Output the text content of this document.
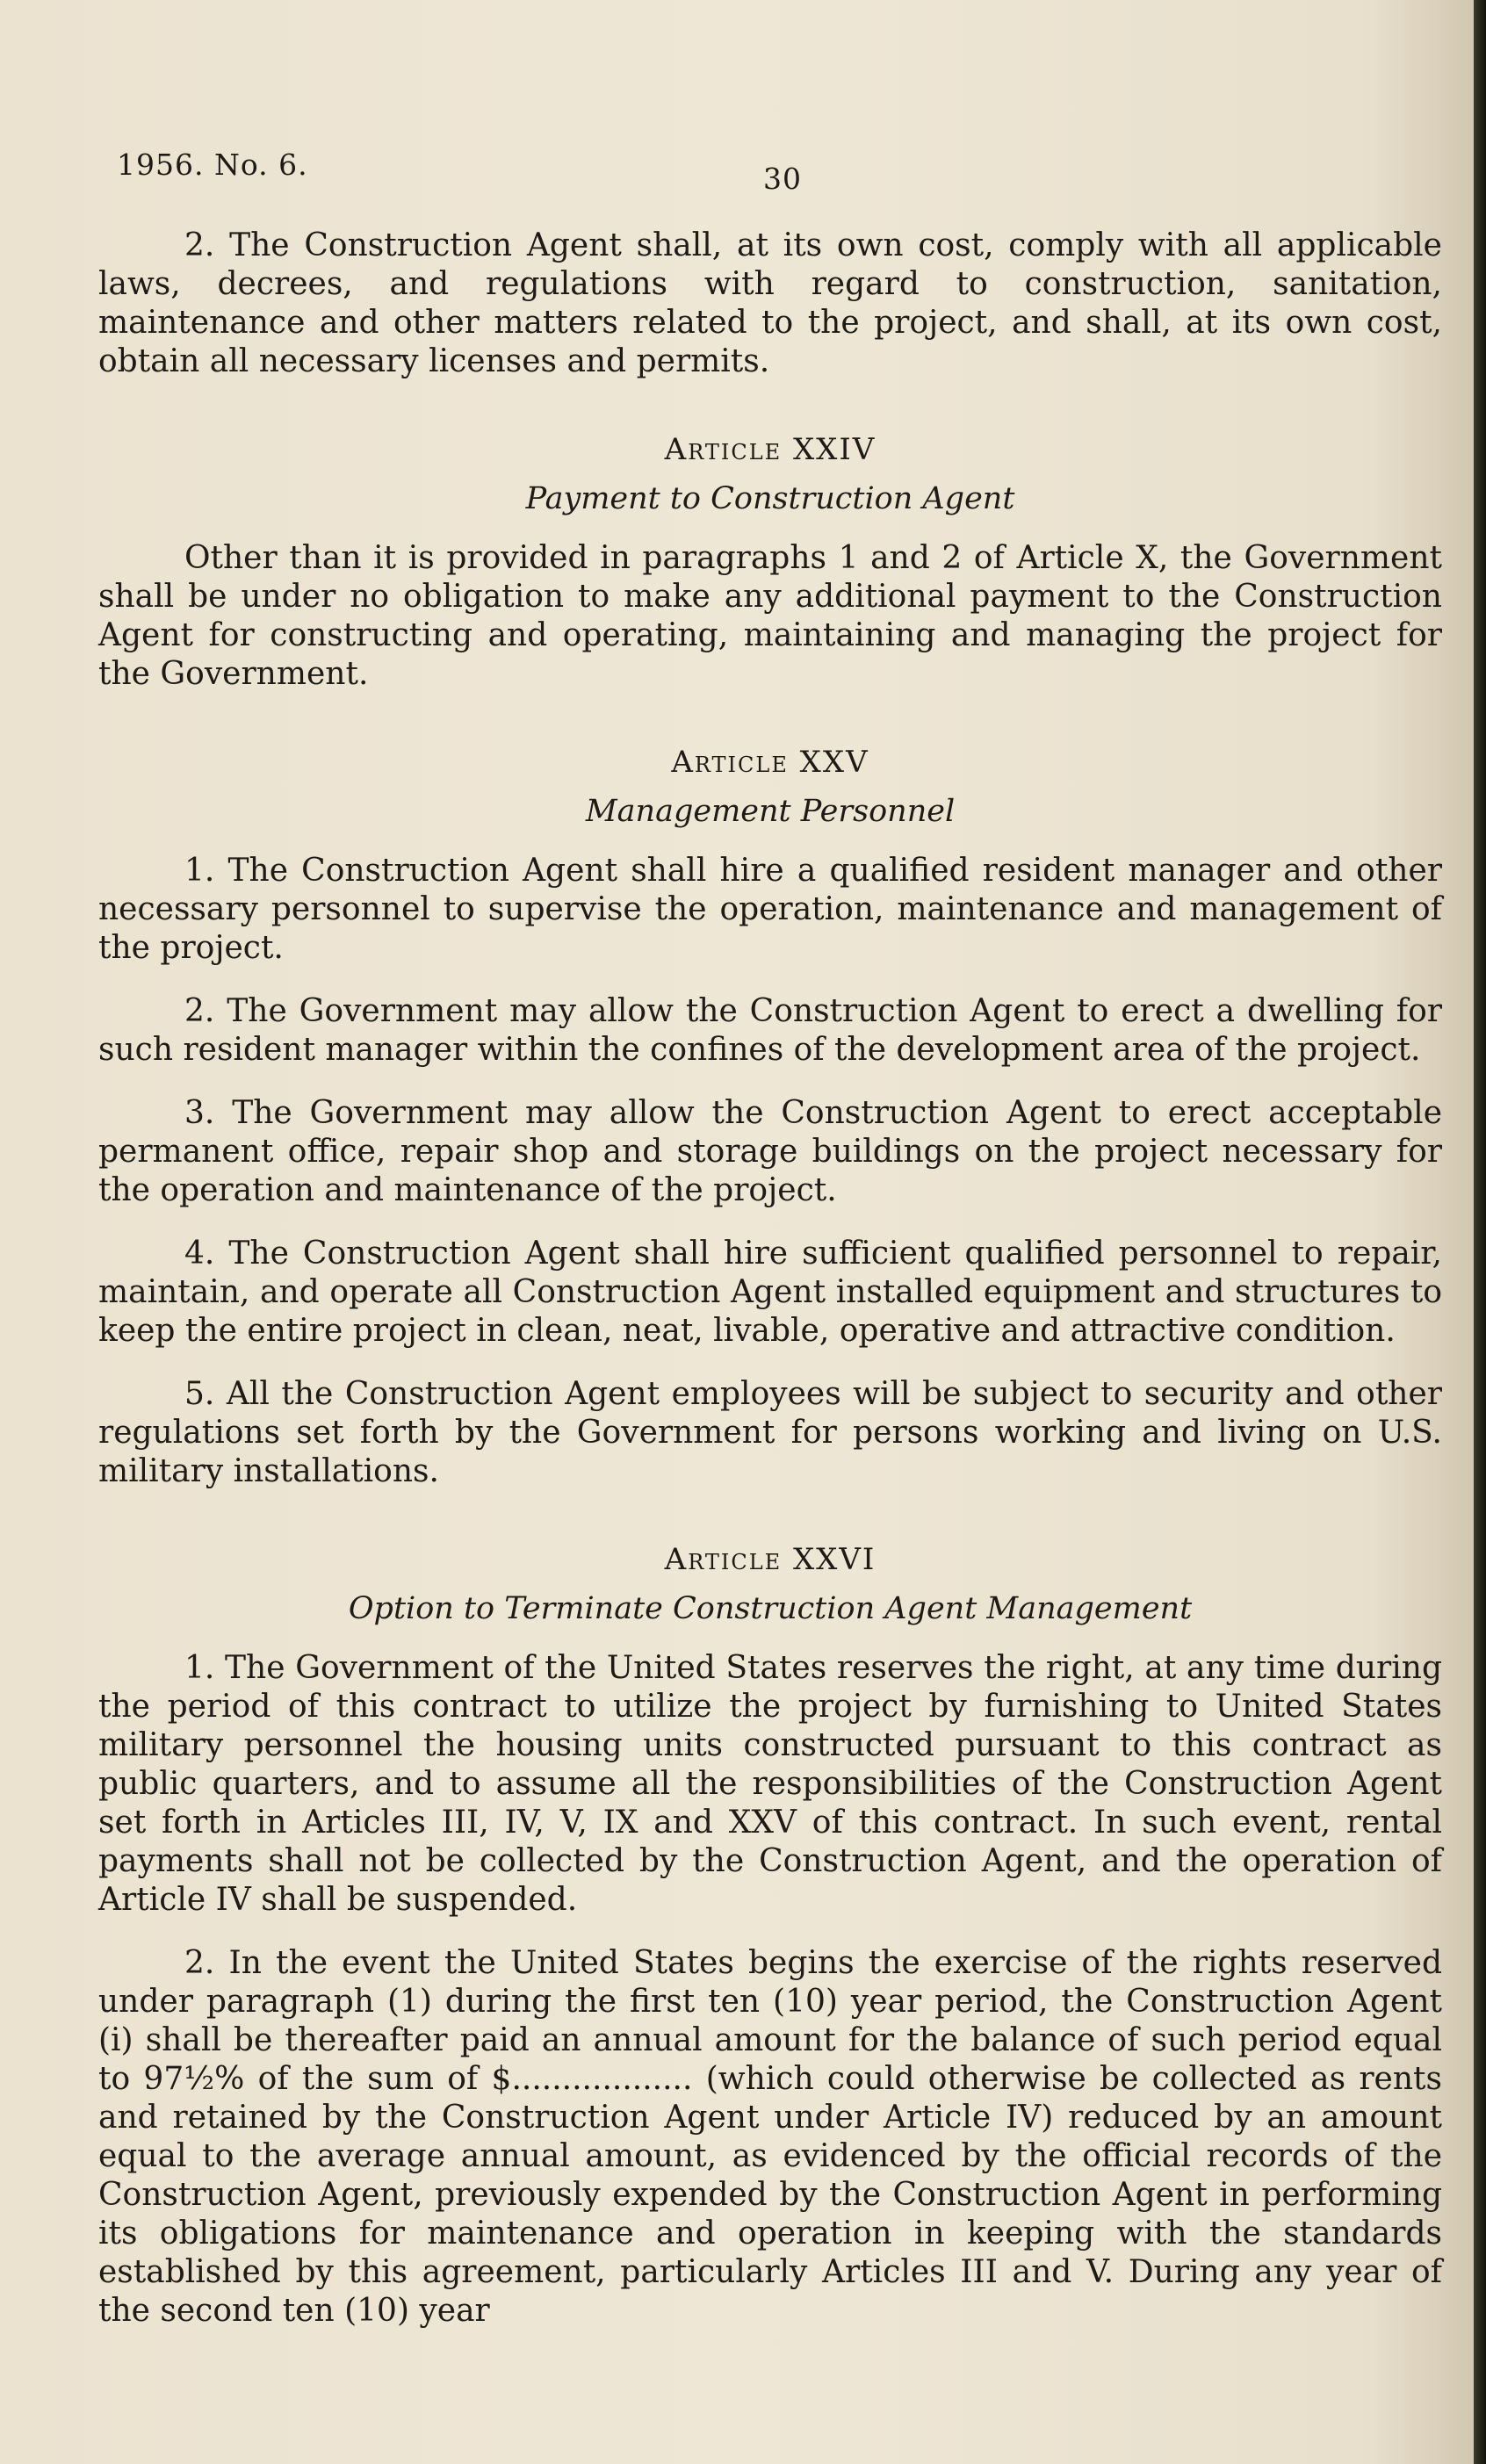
1956. No. 6.	30

2. The Construction Agent shall, at its own cost, comply with all applicable laws, decrees, and regulations with regard to construction, sanitation, maintenance and other matters related to the project, and shall, at its own cost, obtain all necessary licenses and permits.

Article XXIV
Payment to Construction Agent

Other than it is provided in paragraphs 1 and 2 of Article X, the Government shall be under no obligation to make any additional payment to the Construction Agent for constructing and operating, maintaining and managing the project for the Government.

Article XXV
Management Personnel

1. The Construction Agent shall hire a qualified resident manager and other necessary personnel to supervise the operation, maintenance and management of the project.

2. The Government may allow the Construction Agent to erect a dwelling for such resident manager within the confines of the development area of the project.

3. The Government may allow the Construction Agent to erect acceptable permanent office, repair shop and storage buildings on the project necessary for the operation and maintenance of the project.

4. The Construction Agent shall hire sufficient qualified personnel to repair, maintain, and operate all Construction Agent installed equipment and structures to keep the entire project in clean, neat, livable, operative and attractive condition.

5. All the Construction Agent employees will be subject to security and other regulations set forth by the Government for persons working and living on U.S. military installations.

Article XXVI
Option to Terminate Construction Agent Management

1. The Government of the United States reserves the right, at any time during the period of this contract to utilize the project by furnishing to United States military personnel the housing units constructed pursuant to this contract as public quarters, and to assume all the responsibilities of the Construction Agent set forth in Articles III, IV, V, IX and XXV of this contract. In such event, rental payments shall not be collected by the Construction Agent, and the operation of Article IV shall be suspended.

2. In the event the United States begins the exercise of the rights reserved under paragraph (1) during the first ten (10) year period, the Construction Agent (i) shall be thereafter paid an annual amount for the balance of such period equal to 97½% of the sum of $.................. (which could otherwise be collected as rents and retained by the Construction Agent under Article IV) reduced by an amount equal to the average annual amount, as evidenced by the official records of the Construction Agent, previously expended by the Construction Agent in performing its obligations for maintenance and operation in keeping with the standards established by this agreement, particularly Articles III and V. During any year of the second ten (10) year
